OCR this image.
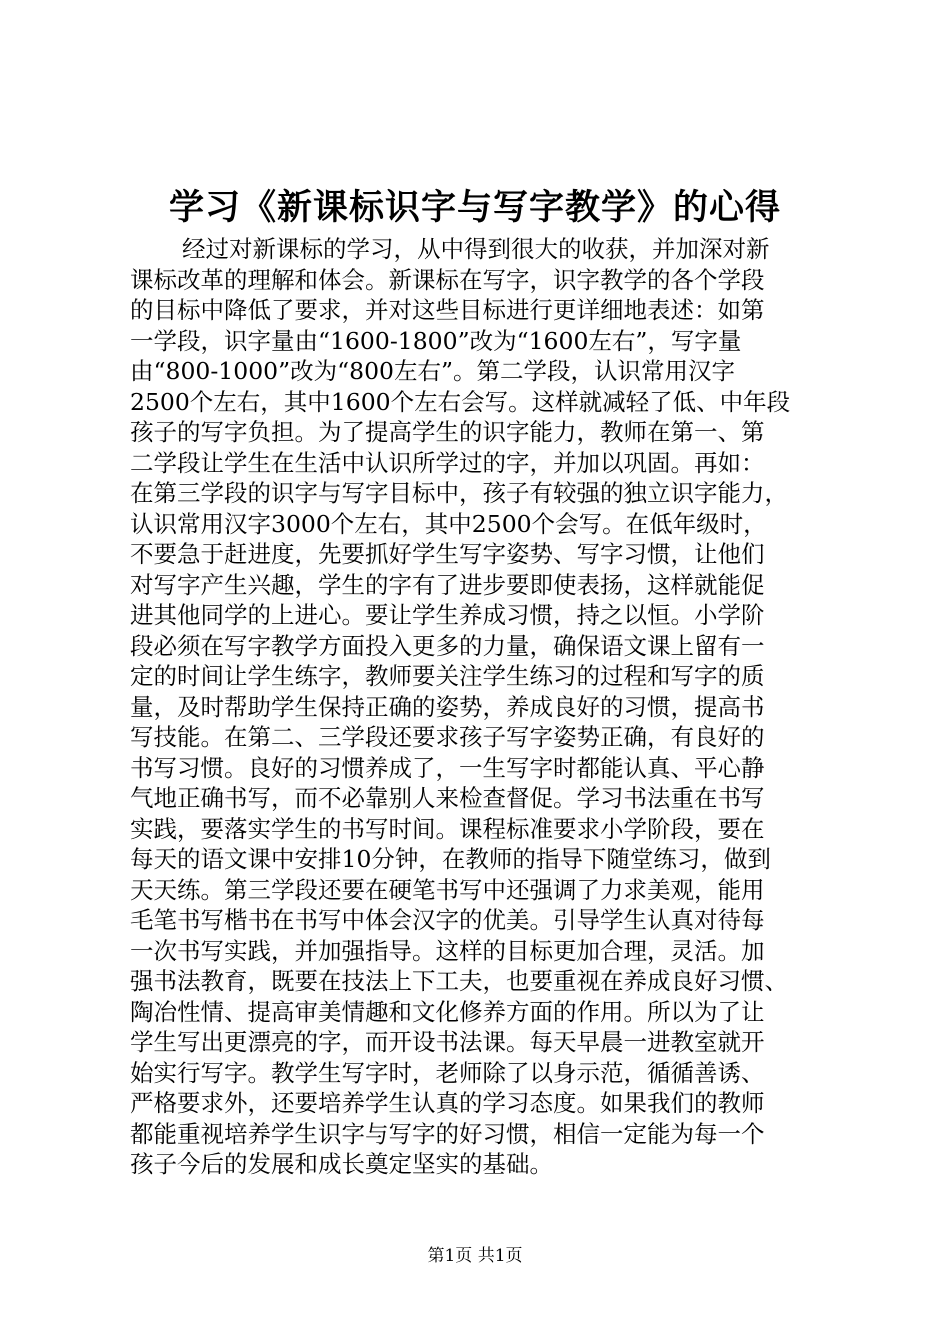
学习《新课标识字与写字教学》的心得
经过对新课标的学习，从中得到很大的收获，并加深对新
课标改革的理解和体会。新课标在写字，识字教学的各个学段
的目标中降低了要求，并对这些目标进行更详细地表述：如第
一学段，识字量由“1600-1800”改为“1600左右”，写字量
由“800-1000”改为“800左右”。第二学段，认识常用汉字
2500个左右，其中1600个左右会写。这样就减轻了低、中年段
孩子的写字负担。为了提高学生的识字能力，教师在第一、第
二学段让学生在生活中认识所学过的字，并加以巩固。再如：
在第三学段的识字与写字目标中，孩子有较强的独立识字能力，
认识常用汉字3000个左右，其中2500个会写。在低年级时，
不要急于赶进度，先要抓好学生写字姿势、写字习惯，让他们
对写字产生兴趣，学生的字有了进步要即使表扬，这样就能促
进其他同学的上进心。要让学生养成习惯，持之以恒。小学阶
段必须在写字教学方面投入更多的力量，确保语文课上留有一
定的时间让学生练字，教师要关注学生练习的过程和写字的质
量，及时帮助学生保持正确的姿势，养成良好的习惯，提高书
写技能。在第二、三学段还要求孩子写字姿势正确，有良好的
书写习惯。良好的习惯养成了，一生写字时都能认真、平心静
气地正确书写，而不必靠别人来检查督促。学习书法重在书写
实践，要落实学生的书写时间。课程标准要求小学阶段，要在
每天的语文课中安排10分钟，在教师的指导下随堂练习，做到
天天练。第三学段还要在硬笔书写中还强调了力求美观，能用
毛笔书写楷书在书写中体会汉字的优美。引导学生认真对待每
一次书写实践，并加强指导。这样的目标更加合理，灵活。加
强书法教育，既要在技法上下工夫，也要重视在养成良好习惯、
陶冶性情、提高审美情趣和文化修养方面的作用。所以为了让
学生写出更漂亮的字，而开设书法课。每天早晨一进教室就开
始实行写字。教学生写字时，老师除了以身示范，循循善诱、
严格要求外，还要培养学生认真的学习态度。如果我们的教师
都能重视培养学生识字与写字的好习惯，相信一定能为每一个
孩子今后的发展和成长奠定坚实的基础。
第1页 共1页
